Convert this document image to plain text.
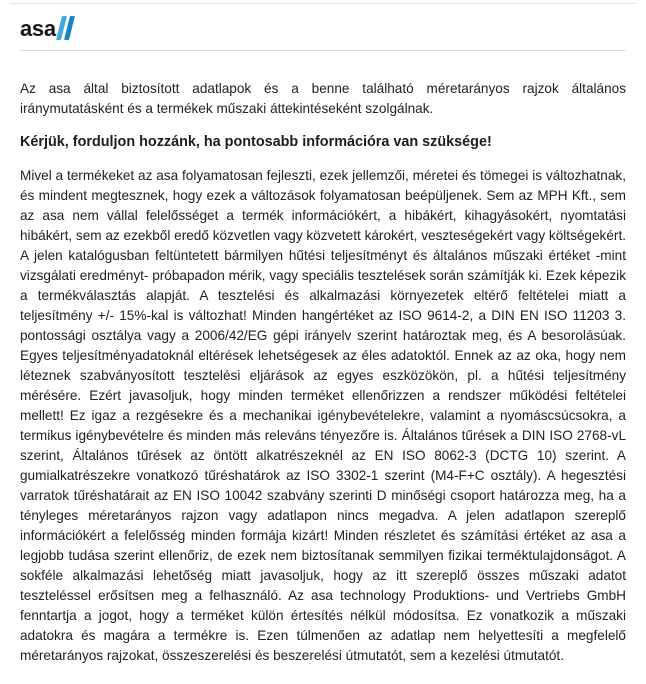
asa

Az asa által biztosított adatlapok és a benne található méretarányos rajzok általános iránymutatásként és a termékek műszaki áttekintéseként szolgálnak.

Kérjük, forduljon hozzánk, ha pontosabb információra van szüksége!

Mivel a termékeket az asa folyamatosan fejleszti, ezek jellemzői, méretei és tömegei is változhatnak, és mindent megtesznek, hogy ezek a változások folyamatosan beépüljenek. Sem az MPH Kft., sem az asa nem vállal felelősséget a termék információkért, a hibákért, kihagyásokért, nyomtatási hibákért, sem az ezekből eredő közvetlen vagy közvetett károkért, veszteségekért vagy költségekért. A jelen katalógusban feltüntetett bármilyen hűtési teljesítményt és általános műszaki értéket -mint vizsgálati eredményt- próbapadon mérik, vagy speciális tesztelések során számítják ki. Ezek képezik a termékválasztás alapját. A tesztelési és alkalmazási környezetek eltérő feltételei miatt a teljesítmény +/- 15%-kal is változhat! Minden hangértéket az ISO 9614-2, a DIN EN ISO 11203 3. pontossági osztálya vagy a 2006/42/EG gépi irányelv szerint határoztak meg, és A besorolásúak. Egyes teljesítményadatoknál eltérések lehetségesek az éles adatoktól. Ennek az az oka, hogy nem léteznek szabványosított tesztelési eljárások az egyes eszközökön, pl. a hűtési teljesítmény mérésére. Ezért javasoljuk, hogy minden terméket ellenőrizzen a rendszer működési feltételei mellett! Ez igaz a rezgésekre és a mechanikai igénybevételekre, valamint a nyomáscsúcsokra, a termikus igénybevételre és minden más releváns tényezőre is. Általános tűrések a DIN ISO 2768-vL szerint, Általános tűrések az öntött alkatrészeknél az EN ISO 8062-3 (DCTG 10) szerint. A gumialkatrészekre vonatkozó tűréshatárok az ISO 3302-1 szerint (M4-F+C osztály). A hegesztési varratok tűréshatárait az EN ISO 10042 szabvány szerinti D minőségi csoport határozza meg, ha a tényleges méretarányos rajzon vagy adatlapon nincs megadva. A jelen adatlapon szereplő információkért a felelősség minden formája kizárt! Minden részletet és számítási értéket az asa a legjobb tudása szerint ellenőriz, de ezek nem biztosítanak semmilyen fizikai terméktulajdonságot. A sokféle alkalmazási lehetőség miatt javasoljuk, hogy az itt szereplő összes műszaki adatot teszteléssel erősítsen meg a felhasználó. Az asa technology Produktions- und Vertriebs GmbH fenntartja a jogot, hogy a terméket külön értesítés nélkül módosítsa. Ez vonatkozik a műszaki adatokra és magára a termékre is. Ezen túlmenően az adatlap nem helyettesíti a megfelelő méretarányos rajzokat, összeszerelési és beszerelési útmutatót, sem a kezelési útmutatót.
